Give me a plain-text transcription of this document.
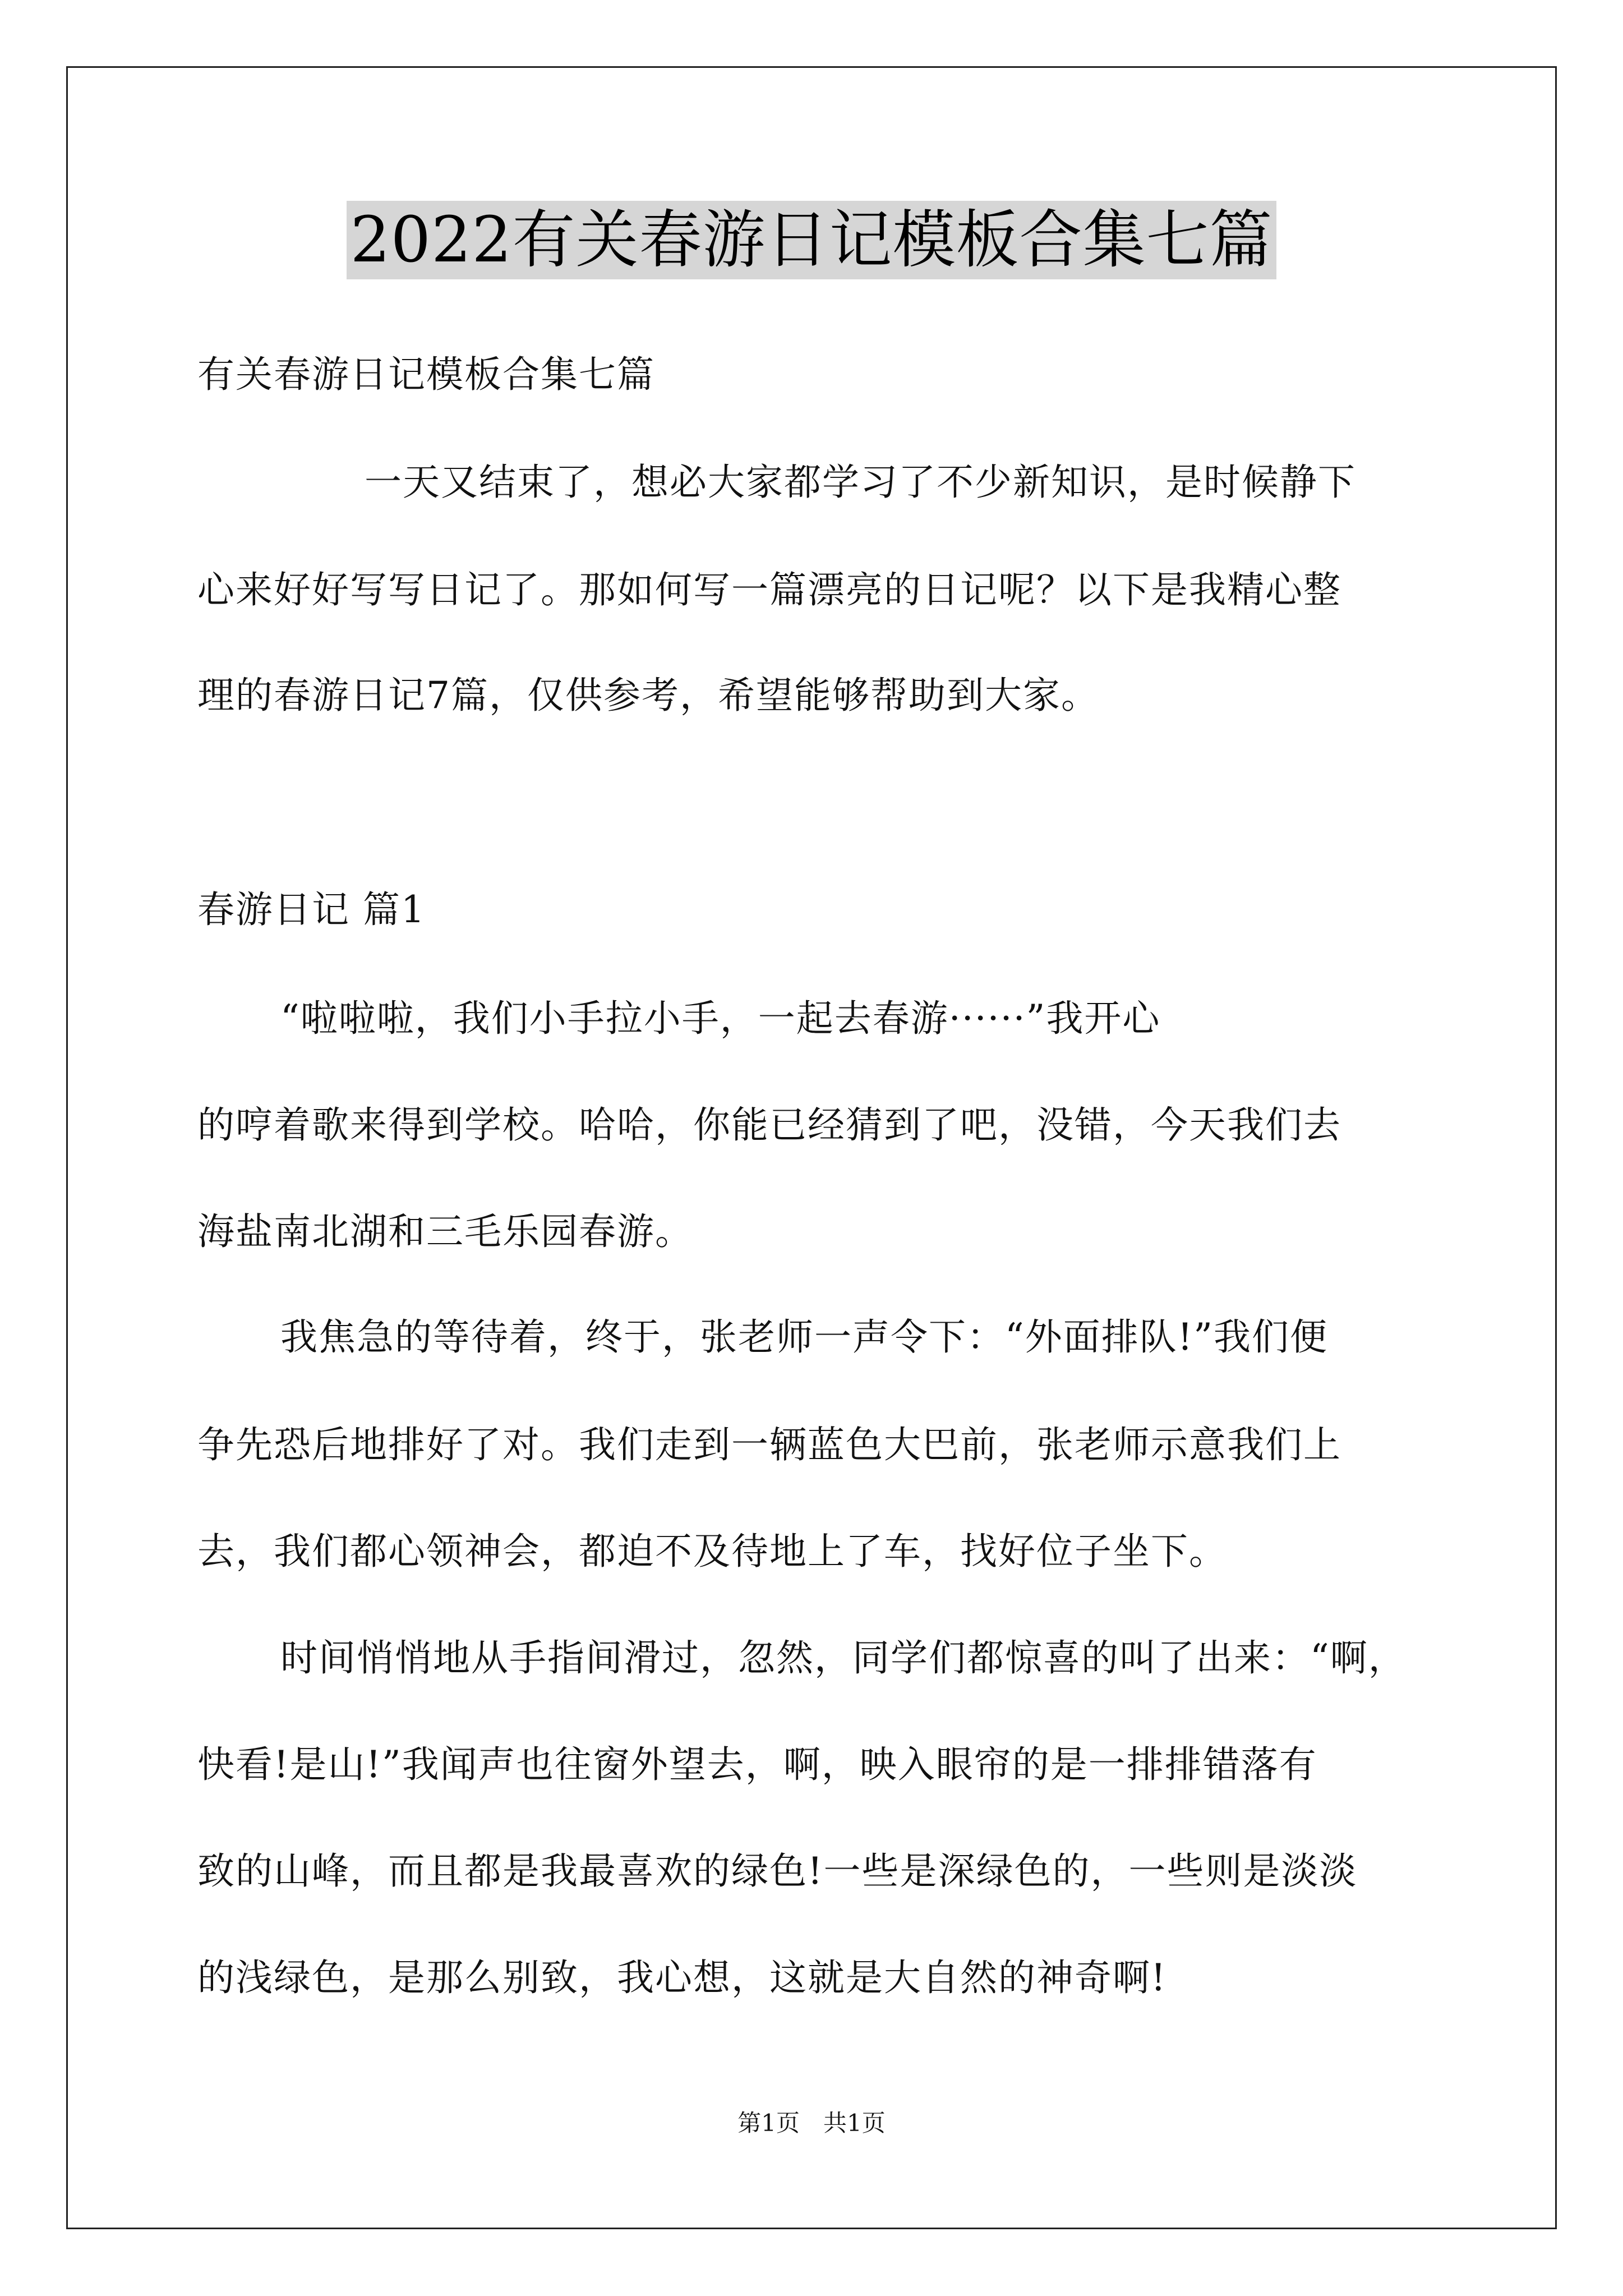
2022有关春游日记模板合集七篇
有关春游日记模板合集七篇
一天又结束了，想必大家都学习了不少新知识，是时候静下
心来好好写写日记了。那如何写一篇漂亮的日记呢？以下是我精心整
理的春游日记7篇，仅供参考，希望能够帮助到大家。
春游日记 篇1
“啦啦啦，我们小手拉小手，一起去春游······”我开心
的哼着歌来得到学校。哈哈，你能已经猜到了吧，没错，今天我们去
海盐南北湖和三毛乐园春游。
我焦急的等待着，终于，张老师一声令下：“外面排队!”我们便
争先恐后地排好了对。我们走到一辆蓝色大巴前，张老师示意我们上
去，我们都心领神会，都迫不及待地上了车，找好位子坐下。
时间悄悄地从手指间滑过，忽然，同学们都惊喜的叫了出来：“啊，
快看!是山!”我闻声也往窗外望去，啊，映入眼帘的是一排排错落有
致的山峰，而且都是我最喜欢的绿色!一些是深绿色的，一些则是淡淡
的浅绿色，是那么别致，我心想，这就是大自然的神奇啊!
第1页　共1页
